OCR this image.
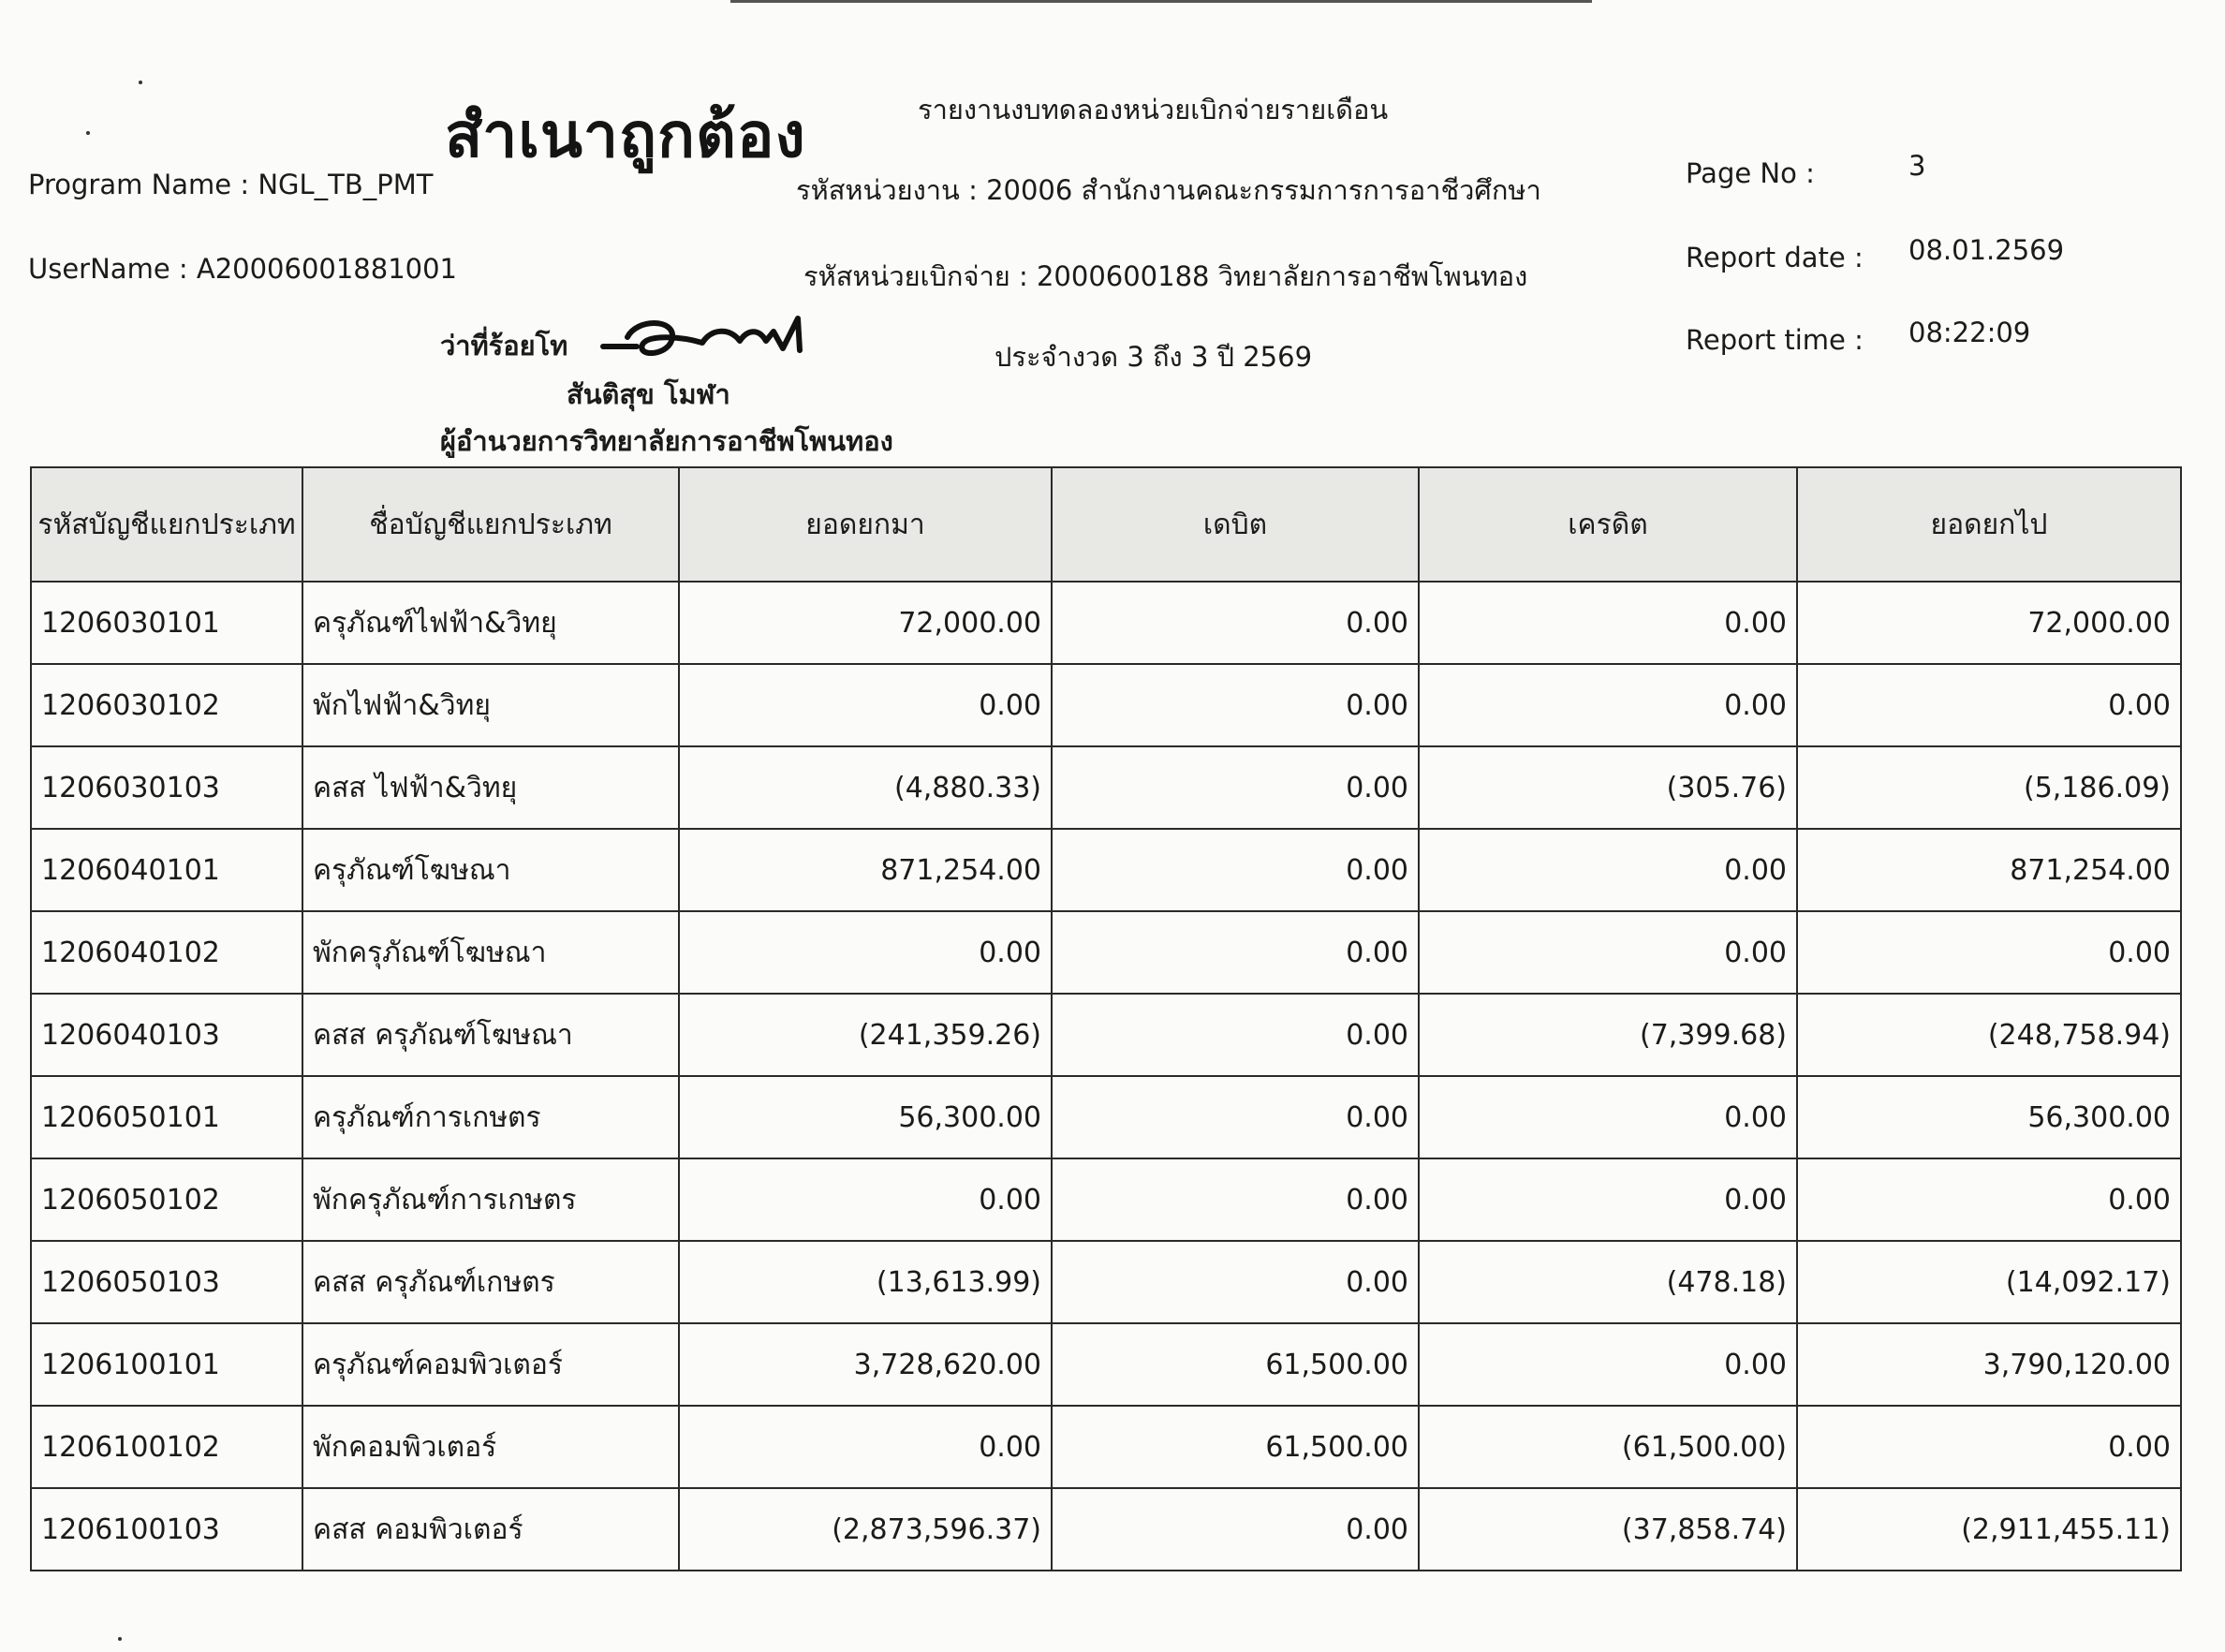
สำเนาถูกต้อง	รายงานงบทดลองหน่วยเบิกจ่ายรายเดือน
Program Name : NGL_TB_PMT	รหัสหน่วยงาน : 20006 สำนักงานคณะกรรมการการอาชีวศึกษา
Page No :	3
UserName : A20006001881001	รหัสหน่วยเบิกจ่าย : 2000600188 วิทยาลัยการอาชีพโพนทอง
Report date : 08.01.2569
ว่าที่ร้อยโท	ประจำงวด 3 ถึง 3 ปี 2569
Report time : 08:22:09
สันติสุข โมฬา
ผู้อำนวยการวิทยาลัยการอาชีพโพนทอง
รหัสบัญชีแยกประเภท	ชื่อบัญชีแยกประเภท	ยอดยกมา	เดบิต	เครดิต	ยอดยกไป
1206030101	ครุภัณฑ์ไฟฟ้า&วิทยุ	72,000.00	0.00	0.00	72,000.00
1206030102	พักไฟฟ้า&วิทยุ	0.00	0.00	0.00	0.00
1206030103	คสส ไฟฟ้า&วิทยุ	(4,880.33)	0.00	(305.76)	(5,186.09)
1206040101	ครุภัณฑ์โฆษณา	871,254.00	0.00	0.00	871,254.00
1206040102	พักครุภัณฑ์โฆษณา	0.00	0.00	0.00	0.00
1206040103	คสส ครุภัณฑ์โฆษณา	(241,359.26)	0.00	(7,399.68)	(248,758.94)
1206050101	ครุภัณฑ์การเกษตร	56,300.00	0.00	0.00	56,300.00
1206050102	พักครุภัณฑ์การเกษตร	0.00	0.00	0.00	0.00
1206050103	คสส ครุภัณฑ์เกษตร	(13,613.99)	0.00	(478.18)	(14,092.17)
1206100101	ครุภัณฑ์คอมพิวเตอร์	3,728,620.00	61,500.00	0.00	3,790,120.00
1206100102	พักคอมพิวเตอร์	0.00	61,500.00	(61,500.00)	0.00
1206100103	คสส คอมพิวเตอร์	(2,873,596.37)	0.00	(37,858.74)	(2,911,455.11)
